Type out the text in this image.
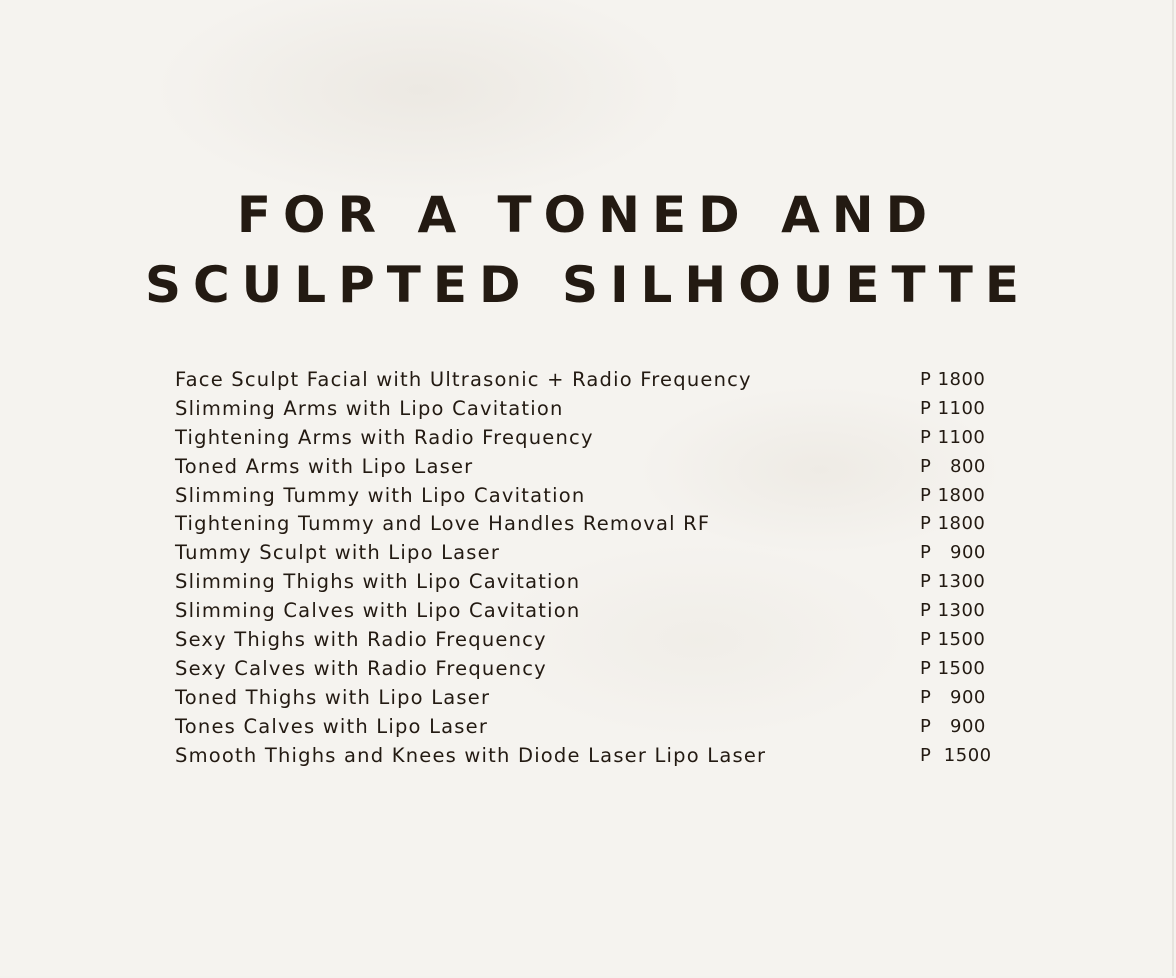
FOR A TONED AND
SCULPTED SILHOUETTE
Face Sculpt Facial with Ultrasonic + Radio Frequency	P 1800
Slimming Arms with Lipo Cavitation	P 1100
Tightening Arms with Radio Frequency	P 1100
Toned Arms with Lipo Laser	P   800
Slimming Tummy with Lipo Cavitation	P 1800
Tightening Tummy and Love Handles Removal RF	P 1800
Tummy Sculpt with Lipo Laser	P   900
Slimming Thighs with Lipo Cavitation	P 1300
Slimming Calves with Lipo Cavitation	P 1300
Sexy Thighs with Radio Frequency	P 1500
Sexy Calves with Radio Frequency	P 1500
Toned Thighs with Lipo Laser	P   900
Tones Calves with Lipo Laser	P   900
Smooth Thighs and Knees with Diode Laser Lipo Laser	P  1500
